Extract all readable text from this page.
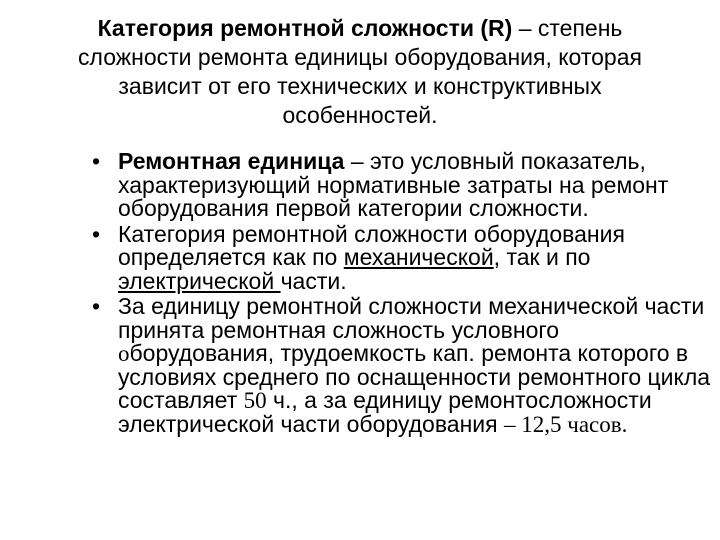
Категория ремонтной сложности (R) – степень сложности ремонта единицы оборудования, которая зависит от его технических и конструктивных особенностей.
• Ремонтная единица – это условный показатель, характеризующий нормативные затраты на ремонт оборудования первой категории сложности.
• Категория ремонтной сложности оборудования определяется как по механической, так и по электрической части.
• За единицу ремонтной сложности механической части принята ремонтная сложность условного оборудования, трудоемкость кап. ремонта которого в условиях среднего по оснащенности ремонтного цикла составляет 50 ч., а за единицу ремонтосложности электрической части оборудования – 12,5 часов.
